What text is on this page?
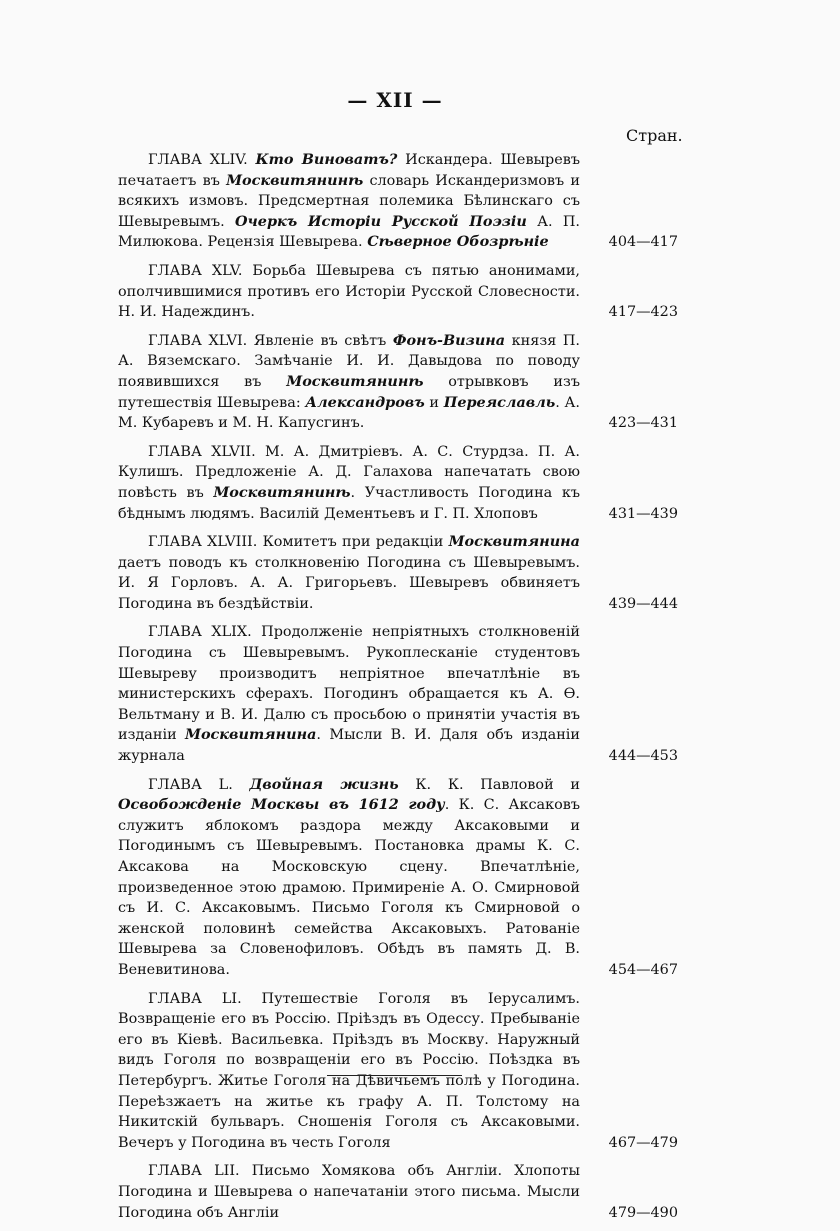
— XII —
Стран.
ГЛАВА XLIV. Кто Виноватъ? Искандера. Шевыревъ печатаетъ въ Москвитянинѣ словарь Искандеризмовъ и всякихъ измовъ. Предсмертная полемика Бѣлинскаго съ Шевыревымъ. Очеркъ Исторіи Русской Поэзіи А. П. Милюкова. Рецензія Шевырева. Сѣверное Обозрѣніе	404—417
ГЛАВА XLV. Борьба Шевырева съ пятью анонимами, ополчившимися противъ его Исторіи Русской Словесности. Н. И. Надеждинъ.	417—423
ГЛАВА XLVI. Явленіе въ свѣтъ Фонъ-Визина князя П. А. Вяземскаго. Замѣчаніе И. И. Давыдова по поводу появившихся въ Москвитянинѣ отрывковъ изъ путешествія Шевырева: Александровъ и Переяславль. А. М. Кубаревъ и М. Н. Капусгинъ.	423—431
ГЛАВА XLVII. М. А. Дмитріевъ. А. С. Стурдза. П. А. Кулишъ. Предложеніе А. Д. Галахова напечатать свою повѣсть въ Москвитянинѣ. Участливость Погодина къ бѣднымъ людямъ. Василій Дементьевъ и Г. П. Хлоповъ	431—439
ГЛАВА XLVIII. Комитетъ при редакціи Москвитянина даетъ поводъ къ столкновенію Погодина съ Шевыревымъ. И. Я Горловъ. А. А. Григорьевъ. Шевыревъ обвиняетъ Погодина въ бездѣйствіи.	439—444
ГЛАВА XLIX. Продолженіе непріятныхъ столкновеній Погодина съ Шевыревымъ. Рукоплесканіе студентовъ Шевыреву производитъ непріятное впечатлѣніе въ министерскихъ сферахъ. Погодинъ обращается къ А. Ѳ. Вельтману и В. И. Далю съ просьбою о принятіи участія въ изданіи Москвитянина. Мысли В. И. Даля объ изданіи журнала	444—453
ГЛАВА L. Двойная жизнь К. К. Павловой и Освобожденіе Москвы въ 1612 году. К. С. Аксаковъ служитъ яблокомъ раздора между Аксаковыми и Погодинымъ съ Шевыревымъ. Постановка драмы К. С. Аксакова на Московскую сцену. Впечатлѣніе, произведенное этою драмою. Примиреніе А. О. Смирновой съ И. С. Аксаковымъ. Письмо Гоголя къ Смирновой о женской половинѣ семейства Аксаковыхъ. Ратованіе Шевырева за Словенофиловъ. Обѣдъ въ память Д. В. Веневитинова.	454—467
ГЛАВА LI. Путешествіе Гоголя въ Іерусалимъ. Возвращеніе его въ Россію. Пріѣздъ въ Одессу. Пребываніе его въ Кіевѣ. Васильевка. Пріѣздъ въ Москву. Наружный видъ Гоголя по возвращеніи его въ Россію. Поѣздка въ Петербургъ. Житье Гоголя на Дѣвичьемъ полѣ у Погодина. Переѣзжаетъ на житье къ графу А. П. Толстому на Никитскій бульваръ. Сношенія Гоголя съ Аксаковыми. Вечеръ у Погодина въ честь Гоголя	467—479
ГЛАВА LII. Письмо Хомякова объ Англіи. Хлопоты Погодина и Шевырева о напечатаніи этого письма. Мысли Погодина объ Англіи	479—490
